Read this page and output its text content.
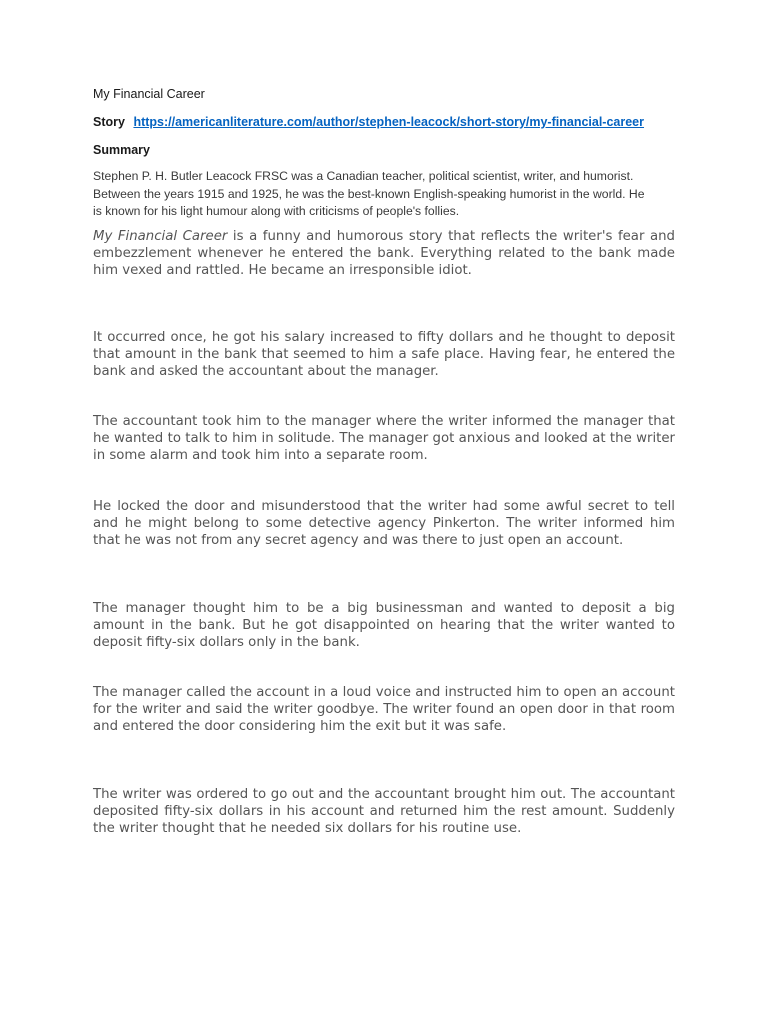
My Financial Career
Story https://americanliterature.com/author/stephen-leacock/short-story/my-financial-career
Summary

Stephen P. H. Butler Leacock FRSC was a Canadian teacher, political scientist, writer, and humorist. Between the years 1915 and 1925, he was the best-known English-speaking humorist in the world. He is known for his light humour along with criticisms of people's follies.

My Financial Career is a funny and humorous story that reflects the writer's fear and embezzlement whenever he entered the bank. Everything related to the bank made him vexed and rattled. He became an irresponsible idiot.

It occurred once, he got his salary increased to fifty dollars and he thought to deposit that amount in the bank that seemed to him a safe place. Having fear, he entered the bank and asked the accountant about the manager.

The accountant took him to the manager where the writer informed the manager that he wanted to talk to him in solitude. The manager got anxious and looked at the writer in some alarm and took him into a separate room.

He locked the door and misunderstood that the writer had some awful secret to tell and he might belong to some detective agency Pinkerton. The writer informed him that he was not from any secret agency and was there to just open an account.

The manager thought him to be a big businessman and wanted to deposit a big amount in the bank. But he got disappointed on hearing that the writer wanted to deposit fifty-six dollars only in the bank.

The manager called the account in a loud voice and instructed him to open an account for the writer and said the writer goodbye. The writer found an open door in that room and entered the door considering him the exit but it was safe.

The writer was ordered to go out and the accountant brought him out. The accountant deposited fifty-six dollars in his account and returned him the rest amount. Suddenly the writer thought that he needed six dollars for his routine use.
